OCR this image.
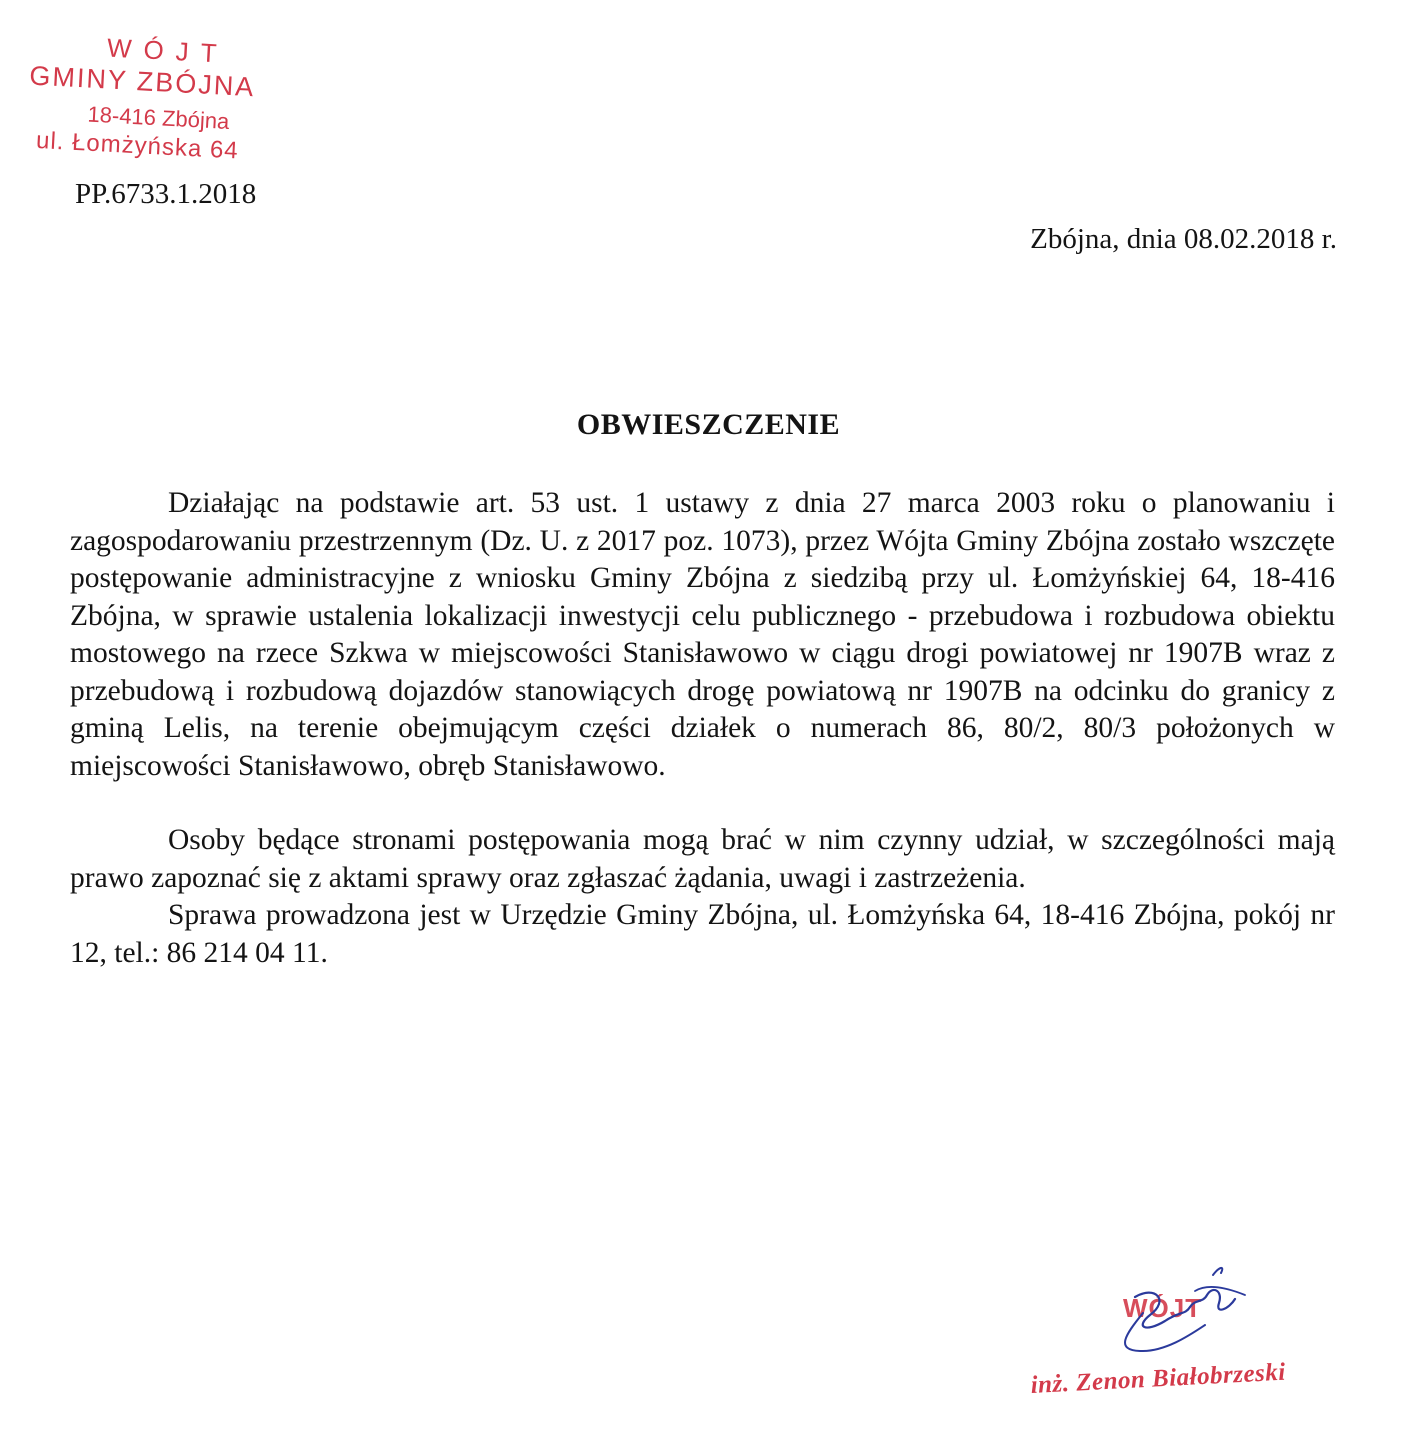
WÓJT
GMINY ZBÓJNA
18-416 Zbójna
ul. Łomżyńska 64
PP.6733.1.2018
Zbójna, dnia 08.02.2018 r.
OBWIESZCZENIE

Działając na podstawie art. 53 ust. 1 ustawy z dnia 27 marca 2003 roku o planowaniu i zagospodarowaniu przestrzennym (Dz. U. z 2017 poz. 1073), przez Wójta Gminy Zbójna zostało wszczęte postępowanie administracyjne z wniosku Gminy Zbójna z siedzibą przy ul. Łomżyńskiej 64, 18-416 Zbójna, w sprawie ustalenia lokalizacji inwestycji celu publicznego - przebudowa i rozbudowa obiektu mostowego na rzece Szkwa w miejscowości Stanisławowo w ciągu drogi powiatowej nr 1907B wraz z przebudową i rozbudową dojazdów stanowiących drogę powiatową nr 1907B na odcinku do granicy z gminą Lelis, na terenie obejmującym części działek o numerach 86, 80/2, 80/3 położonych w miejscowości Stanisławowo, obręb Stanisławowo.

Osoby będące stronami postępowania mogą brać w nim czynny udział, w szczególności mają prawo zapoznać się z aktami sprawy oraz zgłaszać żądania, uwagi i zastrzeżenia.

Sprawa prowadzona jest w Urzędzie Gminy Zbójna, ul. Łomżyńska 64, 18-416 Zbójna, pokój nr 12, tel.: 86 214 04 11.

WÓJT
inż. Zenon Białobrzeski
